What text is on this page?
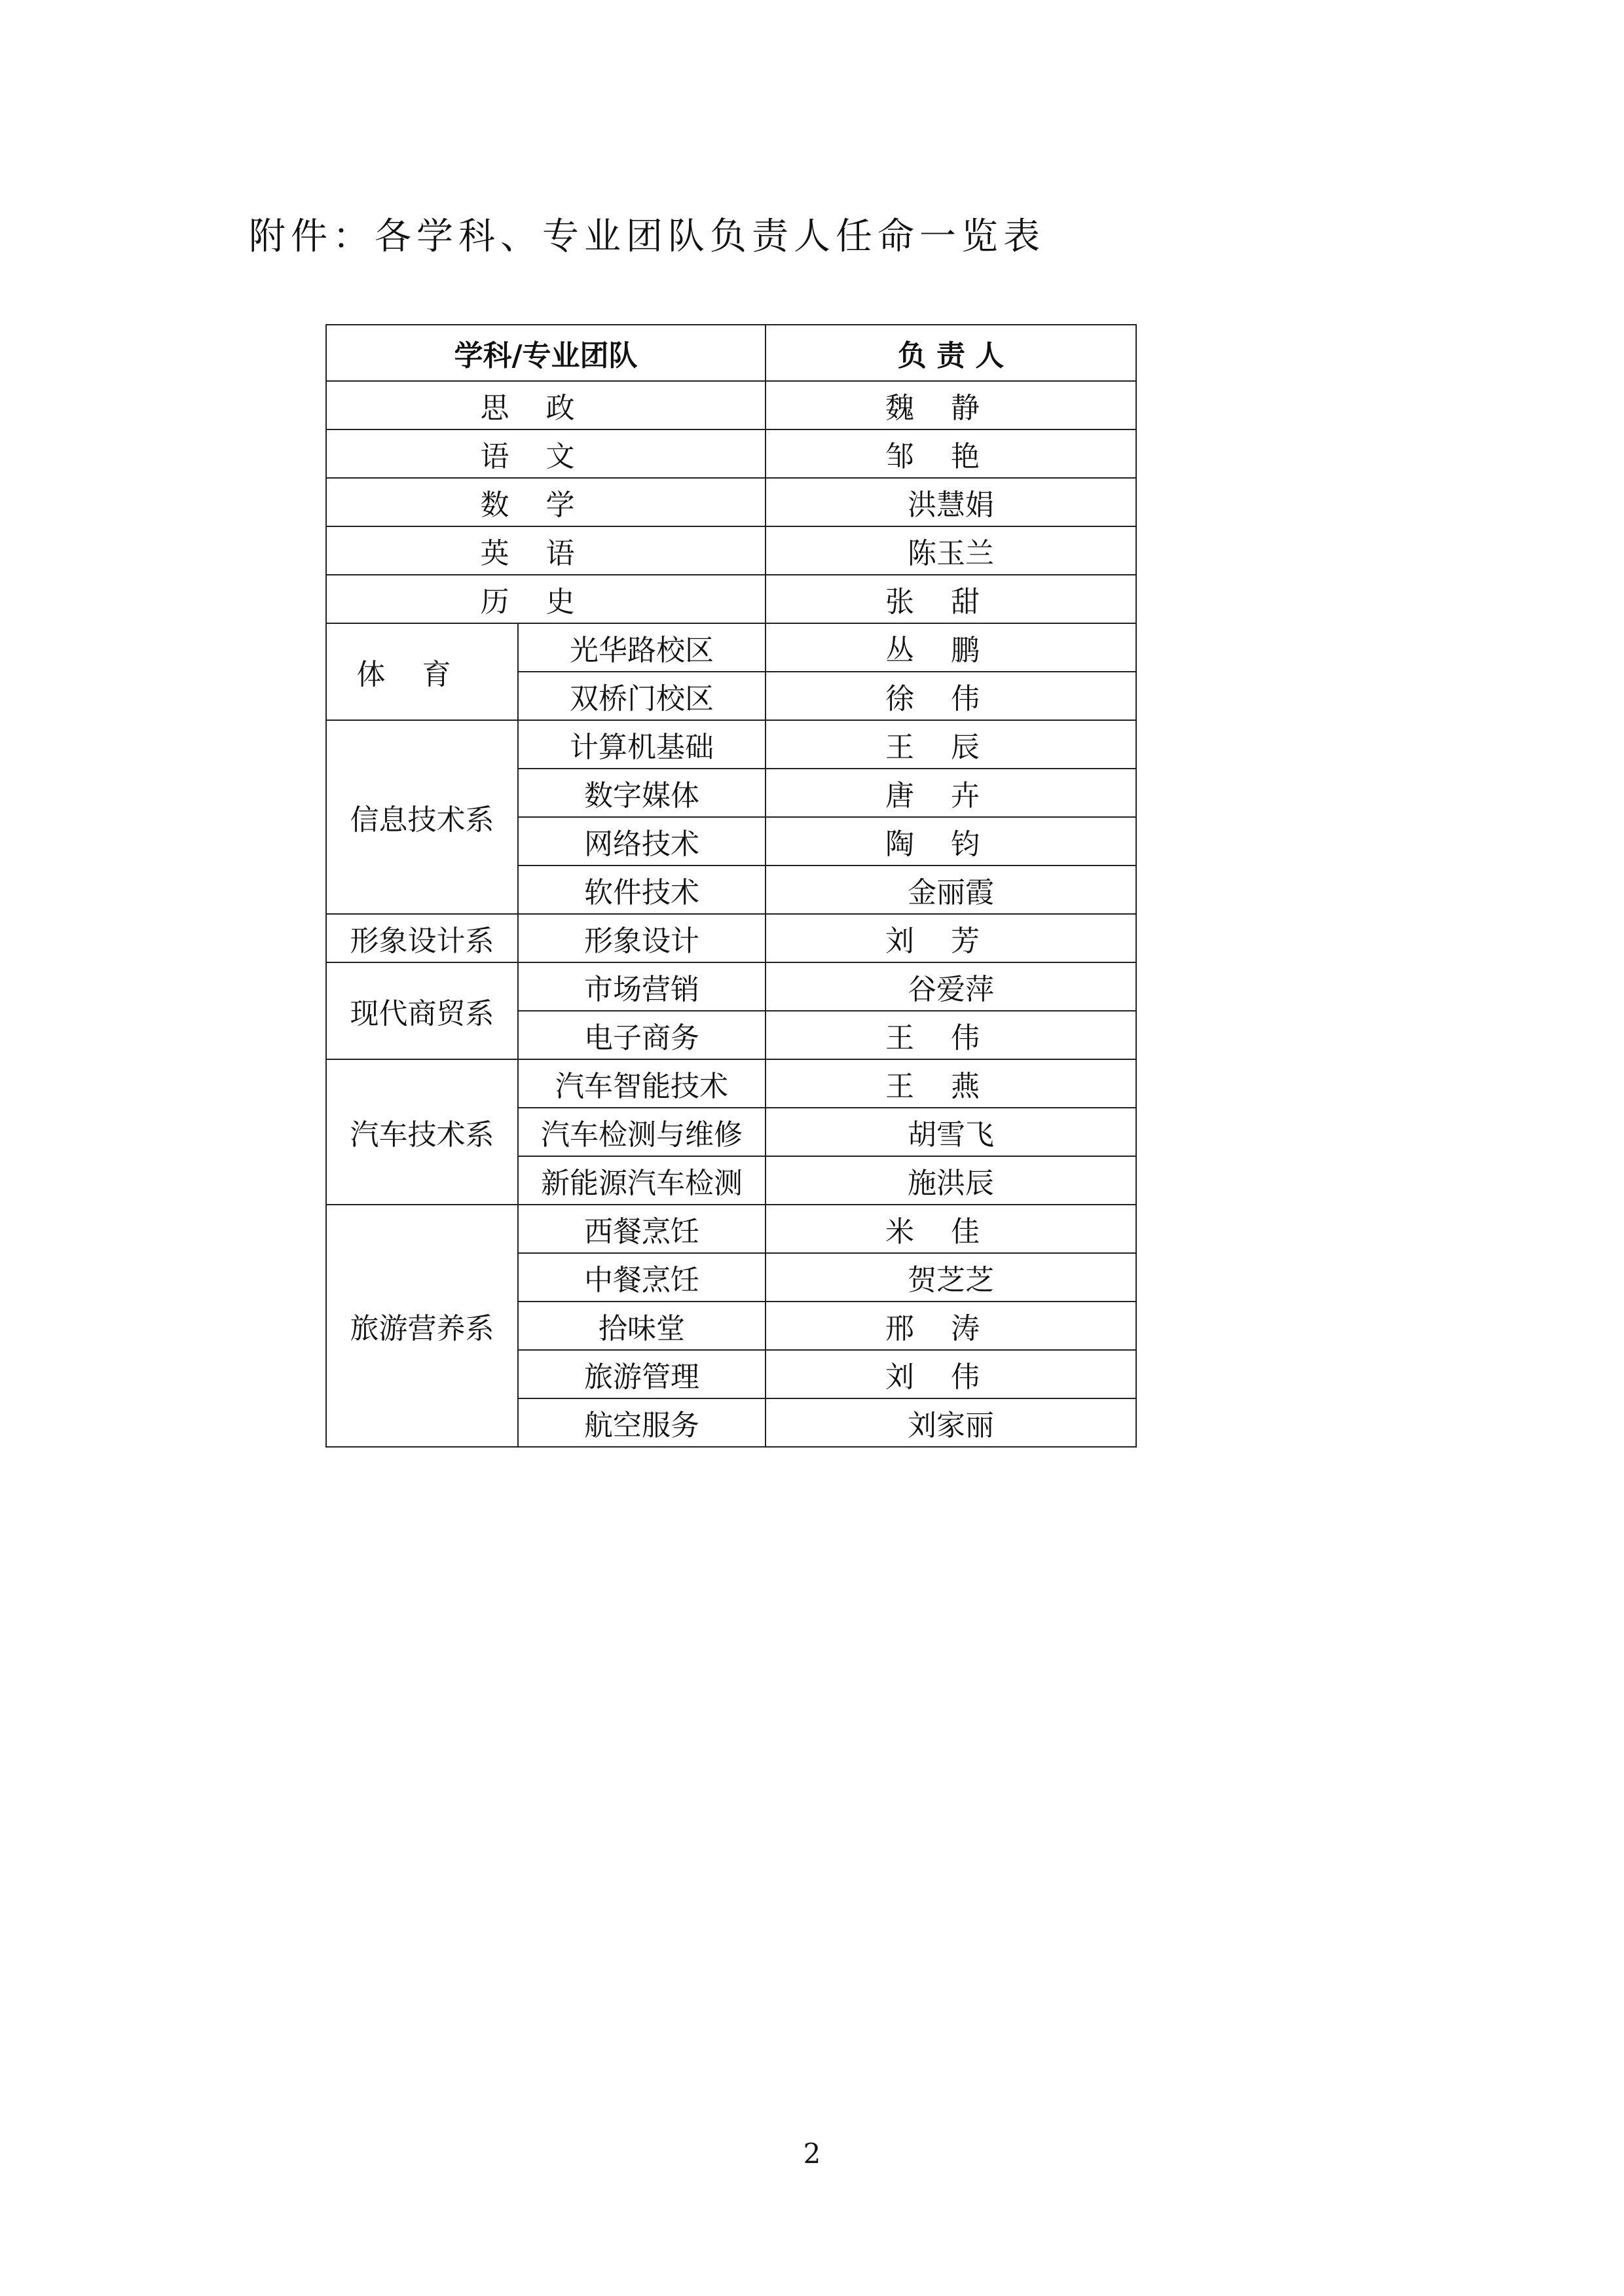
附件：各学科、专业团队负责人任命一览表
学科/专业团队		负 责 人
思政		魏静
语文		邹艳
数学		洪慧娟
英语		陈玉兰
历史		张甜
体育	光华路校区	丛鹏
	双桥门校区	徐伟
信息技术系	计算机基础	王辰
	数字媒体	唐卉
	网络技术	陶钧
	软件技术	金丽霞
形象设计系	形象设计	刘芳
现代商贸系	市场营销	谷爱萍
	电子商务	王伟
汽车技术系	汽车智能技术	王燕
	汽车检测与维修	胡雪飞
	新能源汽车检测	施洪辰
旅游营养系	西餐烹饪	米佳
	中餐烹饪	贺芝芝
	拾味堂	邢涛
	旅游管理	刘伟
	航空服务	刘家丽
2
